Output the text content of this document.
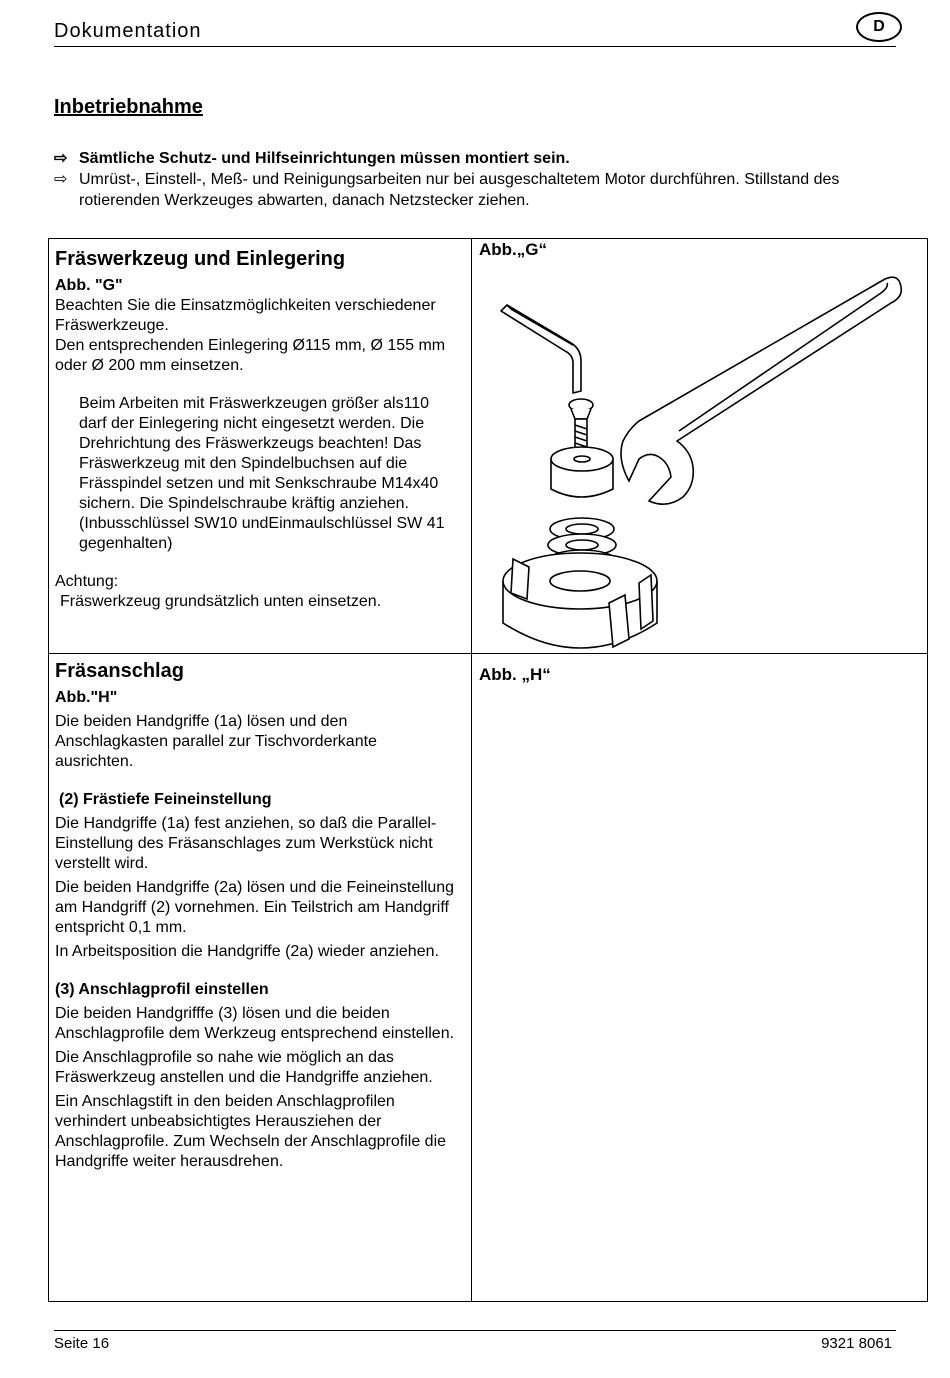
Dokumentation	D
Inbetriebnahme
⇨ Sämtliche Schutz- und Hilfseinrichtungen müssen montiert sein.
⇨ Umrüst-, Einstell-, Meß- und Reinigungsarbeiten nur bei ausgeschaltetem Motor durchführen. Stillstand des rotierenden Werkzeuges abwarten, danach Netzstecker ziehen.
Fräswerkzeug und Einlegering
Abb. "G"
Beachten Sie die Einsatzmöglichkeiten verschiedener Fräswerkzeuge.
Den entsprechenden Einlegering Ø115 mm, Ø 155 mm oder Ø 200 mm einsetzen.
Beim Arbeiten mit Fräswerkzeugen größer als110 darf der Einlegering nicht eingesetzt werden. Die Drehrichtung des Fräswerkzeugs beachten! Das Fräswerkzeug mit den Spindelbuchsen auf die Frässpindel setzen und mit Senkschraube M14x40 sichern. Die Spindelschraube kräftig anziehen. (Inbusschlüssel SW10 undEinmaulschlüssel SW 41 gegenhalten)
Achtung:
Fräswerkzeug grundsätzlich unten einsetzen.
Abb.„G“
Fräsanschlag
Abb."H"
Die beiden Handgriffe (1a) lösen und den Anschlagkasten parallel zur Tischvorderkante ausrichten.
(2) Frästiefe Feineinstellung
Die Handgriffe (1a) fest anziehen, so daß die Parallel-Einstellung des Fräsanschlages zum Werkstück nicht verstellt wird.
Die beiden Handgriffe (2a) lösen und die Feineinstellung am Handgriff (2) vornehmen. Ein Teilstrich am Handgriff entspricht 0,1 mm.
In Arbeitsposition die Handgriffe (2a) wieder anziehen.
(3) Anschlagprofil einstellen
Die beiden Handgrifffe (3) lösen und die beiden Anschlagprofile dem Werkzeug entsprechend einstellen.
Die Anschlagprofile so nahe wie möglich an das Fräswerkzeug anstellen und die Handgriffe anziehen.
Ein Anschlagstift in den beiden Anschlagprofilen verhindert unbeabsichtigtes Herausziehen der Anschlagprofile. Zum Wechseln der Anschlagprofile die Handgriffe weiter herausdrehen.
Abb. „H“
Seite 16	9321 8061
